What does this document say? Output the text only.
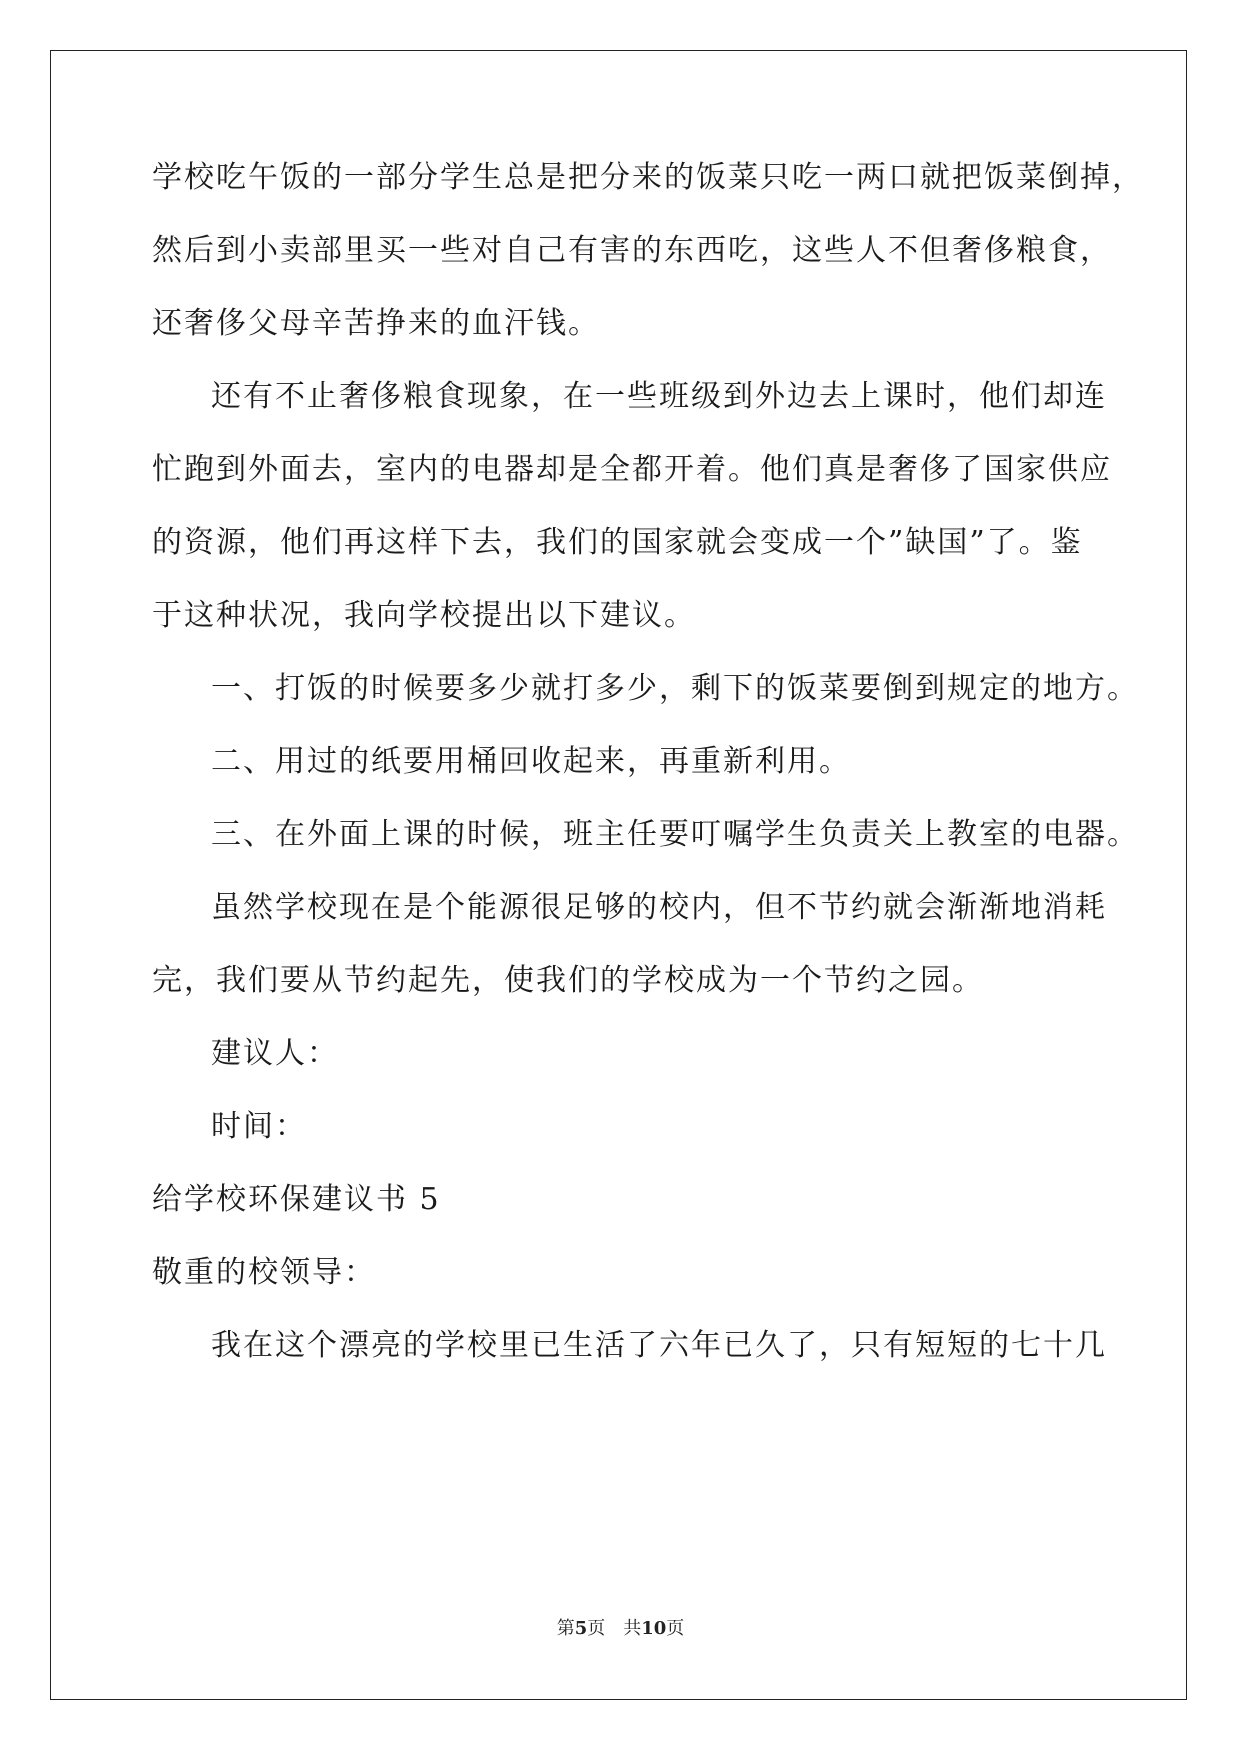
学校吃午饭的一部分学生总是把分来的饭菜只吃一两口就把饭菜倒掉，
然后到小卖部里买一些对自己有害的东西吃，这些人不但奢侈粮食，
还奢侈父母辛苦挣来的血汗钱。
还有不止奢侈粮食现象，在一些班级到外边去上课时，他们却连
忙跑到外面去，室内的电器却是全都开着。他们真是奢侈了国家供应
的资源，他们再这样下去，我们的国家就会变成一个”缺国”了。鉴
于这种状况，我向学校提出以下建议。
一、打饭的时候要多少就打多少，剩下的饭菜要倒到规定的地方。
二、用过的纸要用桶回收起来，再重新利用。
三、在外面上课的时候，班主任要叮嘱学生负责关上教室的电器。
虽然学校现在是个能源很足够的校内，但不节约就会渐渐地消耗
完，我们要从节约起先，使我们的学校成为一个节约之园。
建议人：
时间：
给学校环保建议书 5
敬重的校领导：
我在这个漂亮的学校里已生活了六年已久了，只有短短的七十几
第5页　共10页
